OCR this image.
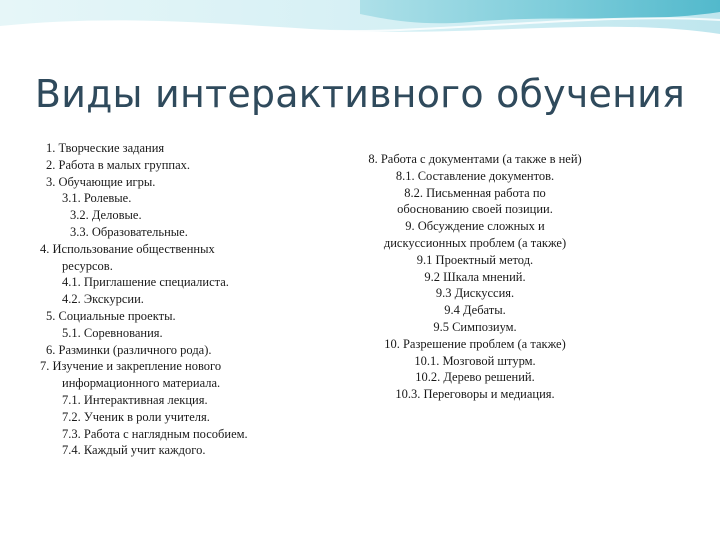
Виды интерактивного обучения
1. Творческие задания
2. Работа в малых группах.
3. Обучающие игры.
3.1. Ролевые.
3.2. Деловые.
3.3. Образовательные.
4. Использование общественных
ресурсов.
4.1. Приглашение специалиста.
4.2. Экскурсии.
5. Социальные проекты.
5.1. Соревнования.
6. Разминки (различного рода).
7. Изучение и закрепление нового
информационного материала.
7.1. Интерактивная лекция.
7.2. Ученик в роли учителя.
7.3. Работа с наглядным пособием.
7.4. Каждый учит каждого.
8. Работа с документами (а также в ней)
8.1. Составление документов.
8.2. Письменная работа по
обоснованию своей позиции.
9. Обсуждение сложных и
дискуссионных проблем (а также)
9.1 Проектный метод.
9.2 Шкала мнений.
9.3 Дискуссия.
9.4 Дебаты.
9.5 Симпозиум.
10. Разрешение проблем (а также)
10.1. Мозговой штурм.
10.2. Дерево решений.
10.3. Переговоры и медиация.
